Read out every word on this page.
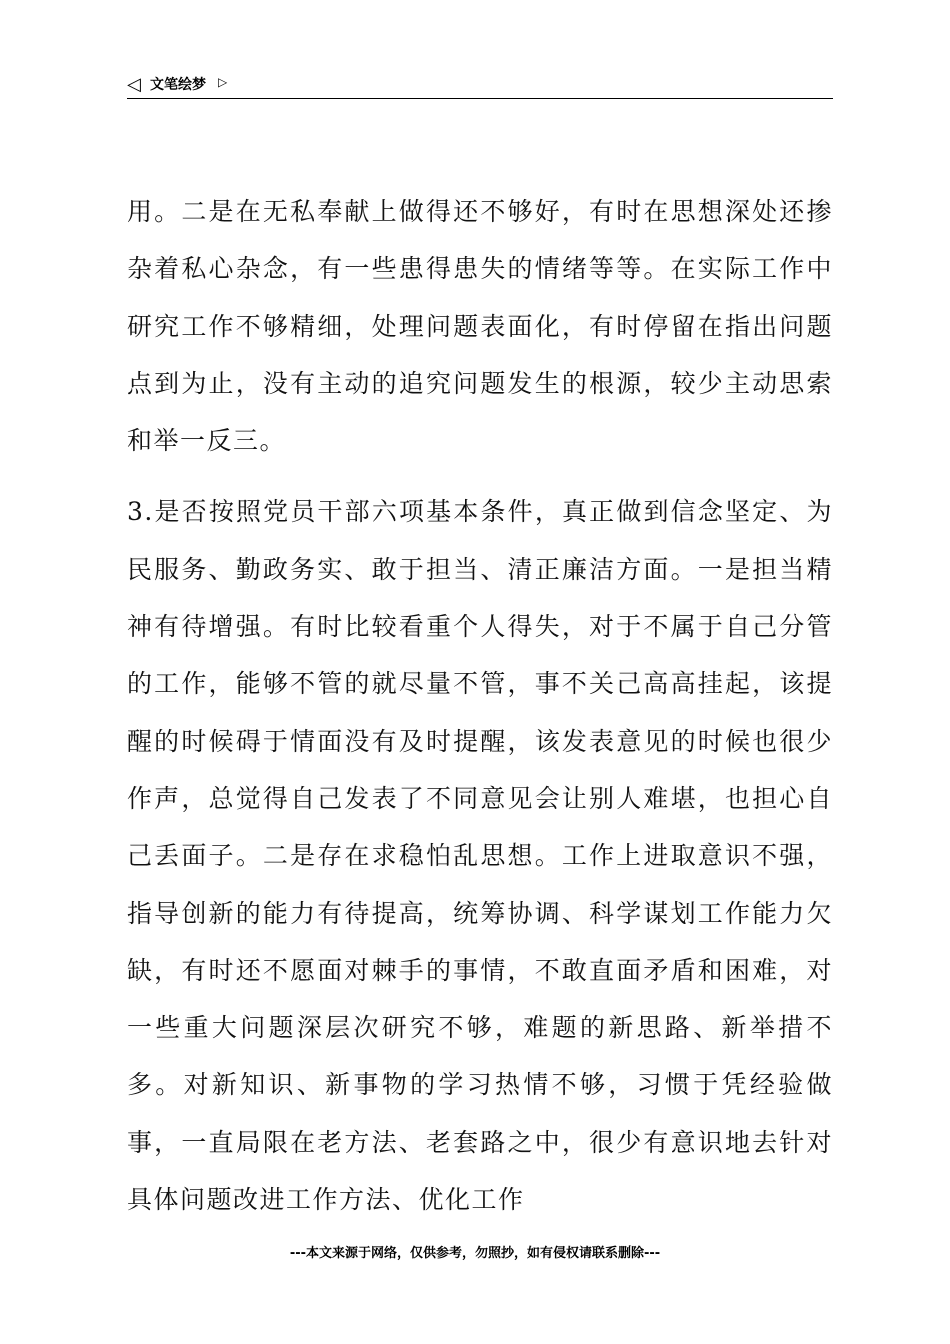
◁ 文笔绘梦 ▷

用。二是在无私奉献上做得还不够好，有时在思想深处还掺杂着私心杂念，有一些患得患失的情绪等等。在实际工作中研究工作不够精细，处理问题表面化，有时停留在指出问题点到为止，没有主动的追究问题发生的根源，较少主动思索和举一反三。

3.是否按照党员干部六项基本条件，真正做到信念坚定、为民服务、勤政务实、敢于担当、清正廉洁方面。一是担当精神有待增强。有时比较看重个人得失，对于不属于自己分管的工作，能够不管的就尽量不管，事不关己高高挂起，该提醒的时候碍于情面没有及时提醒，该发表意见的时候也很少作声，总觉得自己发表了不同意见会让别人难堪，也担心自己丢面子。二是存在求稳怕乱思想。工作上进取意识不强，指导创新的能力有待提高，统筹协调、科学谋划工作能力欠缺，有时还不愿面对棘手的事情，不敢直面矛盾和困难，对一些重大问题深层次研究不够，难题的新思路、新举措不多。对新知识、新事物的学习热情不够，习惯于凭经验做事，一直局限在老方法、老套路之中，很少有意识地去针对具体问题改进工作方法、优化工作

---本文来源于网络，仅供参考，勿照抄，如有侵权请联系删除---
